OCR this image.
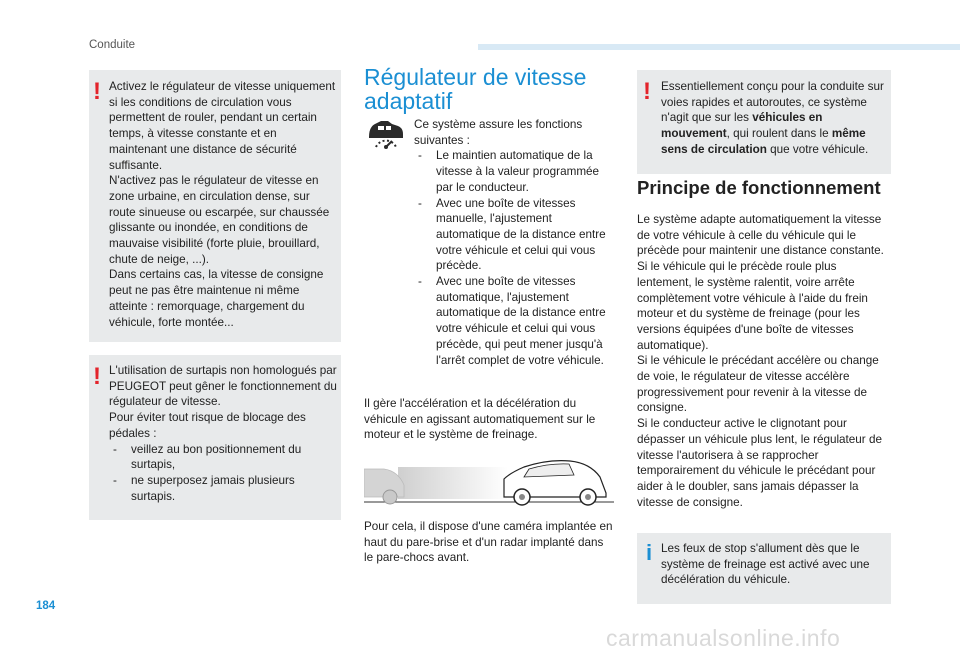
Conduite
! Activez le régulateur de vitesse uniquement si les conditions de circulation vous permettent de rouler, pendant un certain temps, à vitesse constante et en maintenant une distance de sécurité suffisante.
N'activez pas le régulateur de vitesse en zone urbaine, en circulation dense, sur route sinueuse ou escarpée, sur chaussée glissante ou inondée, en conditions de mauvaise visibilité (forte pluie, brouillard, chute de neige, ...).
Dans certains cas, la vitesse de consigne peut ne pas être maintenue ni même atteinte : remorquage, chargement du véhicule, forte montée...

! L'utilisation de surtapis non homologués par PEUGEOT peut gêner le fonctionnement du régulateur de vitesse.
Pour éviter tout risque de blocage des pédales :

- veillez au bon positionnement du surtapis,
- ne superposez jamais plusieurs surtapis.
Régulateur de vitesse adaptatif

Ce système assure les fonctions suivantes :

- Le maintien automatique de la vitesse à la valeur programmée par le conducteur.
- Avec une boîte de vitesses manuelle, l'ajustement automatique de la distance entre votre véhicule et celui qui vous précède.
- Avec une boîte de vitesses automatique, l'ajustement automatique de la distance entre votre véhicule et celui qui vous précède, qui peut mener jusqu'à l'arrêt complet de votre véhicule.

Il gère l'accélération et la décélération du véhicule en agissant automatiquement sur le moteur et le système de freinage.

Pour cela, il dispose d'une caméra implantée en haut du pare-brise et d'un radar implanté dans le pare-chocs avant.

! Essentiellement conçu pour la conduite sur voies rapides et autoroutes, ce système n'agit que sur les véhicules en mouvement, qui roulent dans le même sens de circulation que votre véhicule.

Principe de fonctionnement

Le système adapte automatiquement la vitesse de votre véhicule à celle du véhicule qui le précède pour maintenir une distance constante.
Si le véhicule qui le précède roule plus lentement, le système ralentit, voire arrête complètement votre véhicule à l'aide du frein moteur et du système de freinage (pour les versions équipées d'une boîte de vitesses automatique).
Si le véhicule le précédant accélère ou change de voie, le régulateur de vitesse accélère progressivement pour revenir à la vitesse de consigne.
Si le conducteur active le clignotant pour dépasser un véhicule plus lent, le régulateur de vitesse l'autorisera à se rapprocher temporairement du véhicule le précédant pour aider à le doubler, sans jamais dépasser la vitesse de consigne.

i Les feux de stop s'allument dès que le système de freinage est activé avec une décélération du véhicule.

184
carmanualsonline.info
